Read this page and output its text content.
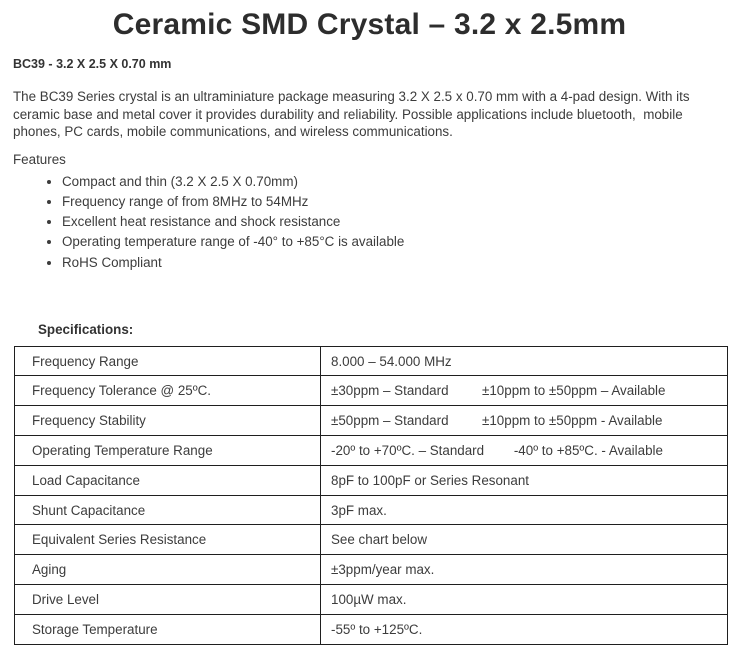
Ceramic SMD Crystal – 3.2 x 2.5mm
BC39 - 3.2 X 2.5 X 0.70 mm

The BC39 Series crystal is an ultraminiature package measuring 3.2 X 2.5 x 0.70 mm with a 4-pad design. With its ceramic base and metal cover it provides durability and reliability. Possible applications include bluetooth,  mobile phones, PC cards, mobile communications, and wireless communications.

Features
• Compact and thin (3.2 X 2.5 X 0.70mm)
• Frequency range of from 8MHz to 54MHz
• Excellent heat resistance and shock resistance
• Operating temperature range of -40° to +85°C is available
• RoHS Compliant
Specifications:
Frequency Range	8.000 – 54.000 MHz
Frequency Tolerance @ 25ºC.	±30ppm – Standard         ±10ppm to ±50ppm – Available
Frequency Stability	±50ppm – Standard         ±10ppm to ±50ppm - Available
Operating Temperature Range	-20º to +70ºC. – Standard        -40º to +85ºC. - Available
Load Capacitance	8pF to 100pF or Series Resonant
Shunt Capacitance	3pF max.
Equivalent Series Resistance	See chart below
Aging	±3ppm/year max.
Drive Level	100µW max.
Storage Temperature	-55º to +125ºC.
